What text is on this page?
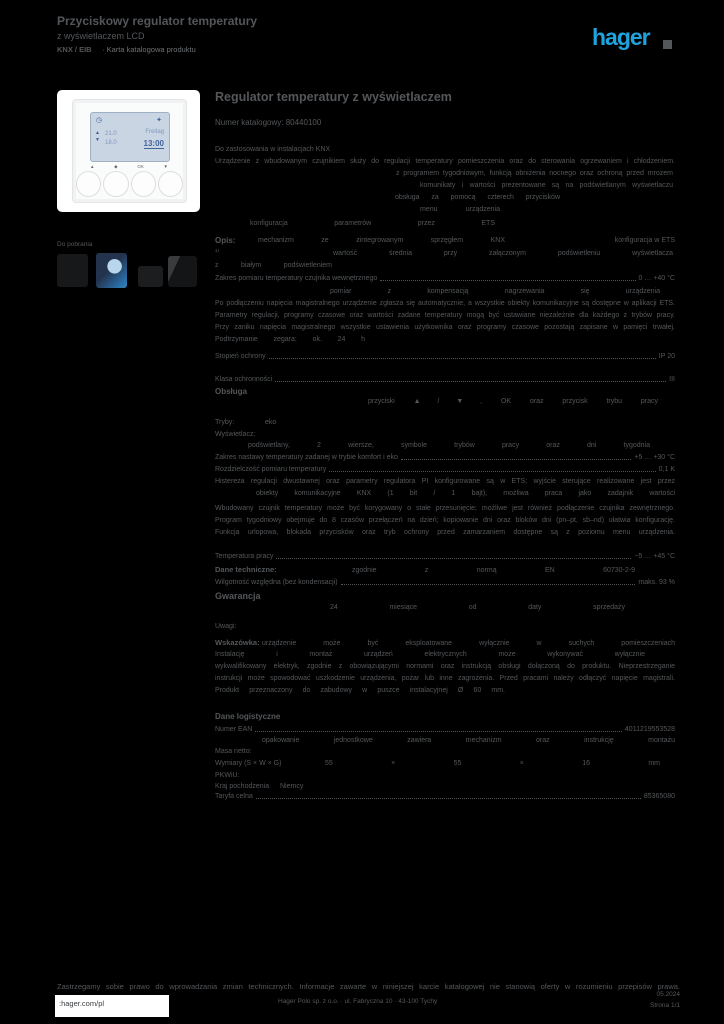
Przyciskowy regulator temperatury
z wyświetlaczem LCD
KNX / EIB · Karta katalogowa produktu	hager
◷	✦
▲
▼
21.0
18.0
Freitag
13:00
▲	◆	OK	▼
Do pobrania
Regulator temperatury z wyświetlaczem
Numer katalogowy: 80440100
Do zastosowania w instalacjach KNX
Urządzenie z wbudowanym czujnikiem służy do regulacji temperatury pomieszczenia oraz do sterowania ogrzewaniem i chłodzeniem.
z programem tygodniowym, funkcją obniżenia nocnego oraz ochroną przed mrozem
komunikaty i wartości prezentowane są na podświetlanym wyświetlaczu
obsługa za pomocą czterech przycisków
menu urządzenia
konfiguracja parametrów przez ETS
Opis:	mechanizm ze zintegrowanym sprzęgłem KNX	konfiguracja w ETS
¹⁾	wartość średnia przy załączonym podświetleniu wyświetlacza
z białym podświetleniem
Zakres pomiaru temperatury czujnika wewnętrznego	0 … +40 °C
pomiar z kompensacją nagrzewania się urządzenia
Po podłączeniu napięcia magistralnego urządzenie zgłasza się automatycznie, a wszystkie obiekty komunikacyjne są dostępne w aplikacji ETS.
Parametry regulacji, programy czasowe oraz wartości zadane temperatury mogą być ustawiane niezależnie dla każdego z trybów pracy.
Przy zaniku napięcia magistralnego wszystkie ustawienia użytkownika oraz programy czasowe pozostają zapisane w pamięci trwałej.
Podtrzymanie zegara: ok. 24 h
Stopień ochrony	IP 20
Klasa ochronności	III
Obsługa
przyciski ▲/▼, OK oraz przycisk trybu pracy
Tryby:	eko
Wyświetlacz:
podświetlany, 2 wiersze, symbole trybów pracy oraz dni tygodnia
Zakres nastawy temperatury zadanej w trybie komfort i eko	+5 … +30 °C
Rozdzielczość pomiaru temperatury	0,1 K
Histereza regulacji dwustawnej oraz parametry regulatora PI konfigurowane są w ETS; wyjście sterujące realizowane jest przez
obiekty komunikacyjne KNX (1 bit / 1 bajt), możliwa praca jako zadajnik wartości
Wbudowany czujnik temperatury może być korygowany o stałe przesunięcie; możliwe jest również podłączenie czujnika zewnętrznego.
Program tygodniowy obejmuje do 8 czasów przełączeń na dzień; kopiowanie dni oraz bloków dni (pn–pt, sb–nd) ułatwia konfigurację.
Funkcja urlopowa, blokada przycisków oraz tryb ochrony przed zamarzaniem dostępne są z poziomu menu urządzenia.
Temperatura pracy	−5 … +45 °C
Dane techniczne:	zgodnie z normą EN 60730-2-9
Wilgotność względna (bez kondensacji)	maks. 93 %
Gwarancja
24 miesiące od daty sprzedaży
Uwagi:
Wskazówka: urządzenie może być eksploatowane wyłącznie w suchych pomieszczeniach
Instalację i montaż urządzeń elektrycznych może wykonywać wyłącznie
wykwalifikowany elektryk, zgodnie z obowiązującymi normami oraz instrukcją obsługi dołączoną do produktu. Nieprzestrzeganie
instrukcji może spowodować uszkodzenie urządzenia, pożar lub inne zagrożenia. Przed pracami należy odłączyć napięcie magistrali.
Produkt przeznaczony do zabudowy w puszce instalacyjnej Ø 60 mm.
Dane logistyczne
Numer EAN	4011219553528
opakowanie jednostkowe zawiera mechanizm oraz instrukcję montażu
Masa netto:
Wymiary (S × W × G)	55 × 55 × 16 mm
PKWiU:
Kraj pochodzenia Niemcy
Taryfa celna	85365080
Zastrzegamy sobie prawo do wprowadzania zmian technicznych. Informacje zawarte w niniejszej karcie katalogowej nie stanowią oferty w rozumieniu przepisów prawa.
:hager.com/pl	Hager Polo sp. z o.o. · ul. Fabryczna 10 · 43-100 Tychy
05.2024
Strona 1/1
